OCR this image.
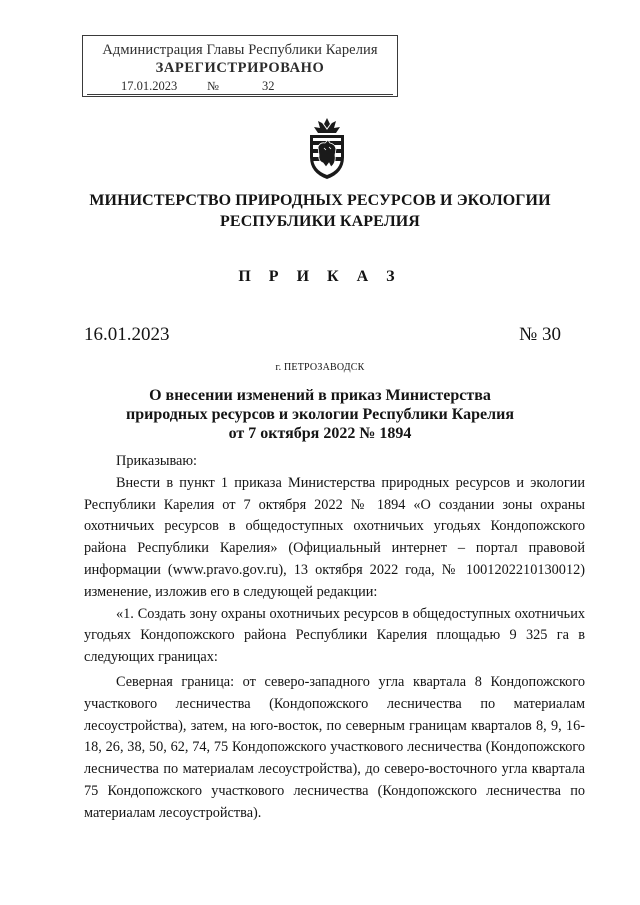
Администрация Главы Республики Карелия
ЗАРЕГИСТРИРОВАНО
17.01.2023 №	32
МИНИСТЕРСТВО ПРИРОДНЫХ РЕСУРСОВ И ЭКОЛОГИИ
РЕСПУБЛИКИ КАРЕЛИЯ
П Р И К А З
16.01.2023	№ 30
г. ПЕТРОЗАВОДСК
О внесении изменений в приказ Министерства
природных ресурсов и экологии Республики Карелия
от 7 октября 2022 № 1894

Приказываю:

Внести в пункт 1 приказа Министерства природных ресурсов и экологии Республики Карелия от 7 октября 2022 № 1894 «О создании зоны охраны охотничьих ресурсов в общедоступных охотничьих угодьях Кондопожского района Республики Карелия» (Официальный интернет – портал правовой информации (www.pravo.gov.ru), 13 октября 2022 года, № 1001202210130012) изменение, изложив его в следующей редакции:

«1. Создать зону охраны охотничьих ресурсов в общедоступных охотничьих угодьях Кондопожского района Республики Карелия площадью 9 325 га в следующих границах:

Северная граница: от северо-западного угла квартала 8 Кондопожского участкового лесничества (Кондопожского лесничества по материалам лесоустройства), затем, на юго-восток, по северным границам кварталов 8, 9, 16-18, 26, 38, 50, 62, 74, 75 Кондопожского участкового лесничества (Кондопожского лесничества по материалам лесоустройства), до северо-восточного угла квартала 75 Кондопожского участкового лесничества (Кондопожского лесничества по материалам лесоустройства).
